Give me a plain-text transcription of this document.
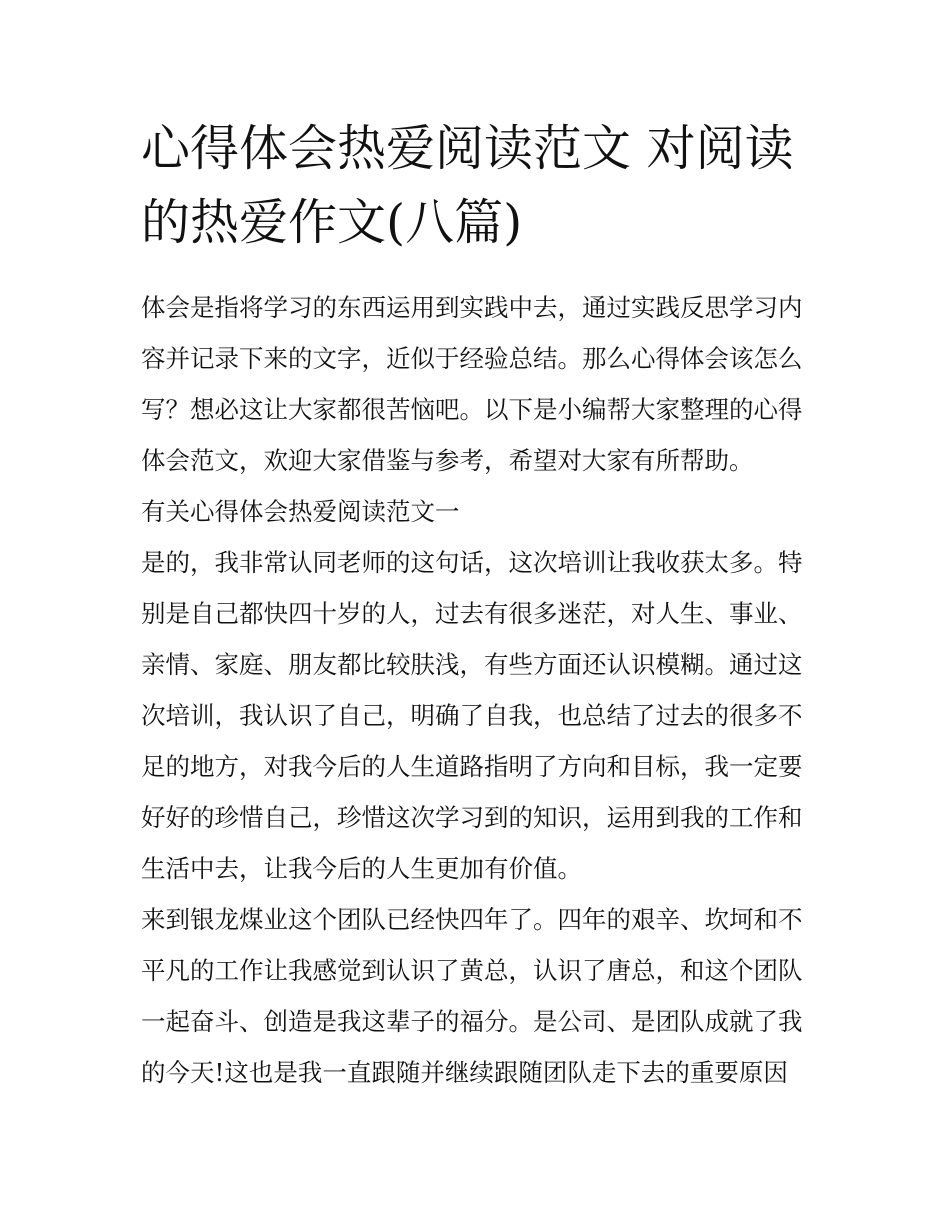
心得体会热爱阅读范文 对阅读
的热爱作文(八篇)

体会是指将学习的东西运用到实践中去，通过实践反思学习内
容并记录下来的文字，近似于经验总结。那么心得体会该怎么
写？想必这让大家都很苦恼吧。以下是小编帮大家整理的心得
体会范文，欢迎大家借鉴与参考，希望对大家有所帮助。

有关心得体会热爱阅读范文一

是的，我非常认同老师的这句话，这次培训让我收获太多。特
别是自己都快四十岁的人，过去有很多迷茫，对人生、事业、
亲情、家庭、朋友都比较肤浅，有些方面还认识模糊。通过这
次培训，我认识了自己，明确了自我，也总结了过去的很多不
足的地方，对我今后的人生道路指明了方向和目标，我一定要
好好的珍惜自己，珍惜这次学习到的知识，运用到我的工作和
生活中去，让我今后的人生更加有价值。

来到银龙煤业这个团队已经快四年了。四年的艰辛、坎坷和不
平凡的工作让我感觉到认识了黄总，认识了唐总，和这个团队
一起奋斗、创造是我这辈子的福分。是公司、是团队成就了我
的今天!这也是我一直跟随并继续跟随团队走下去的重要原因
